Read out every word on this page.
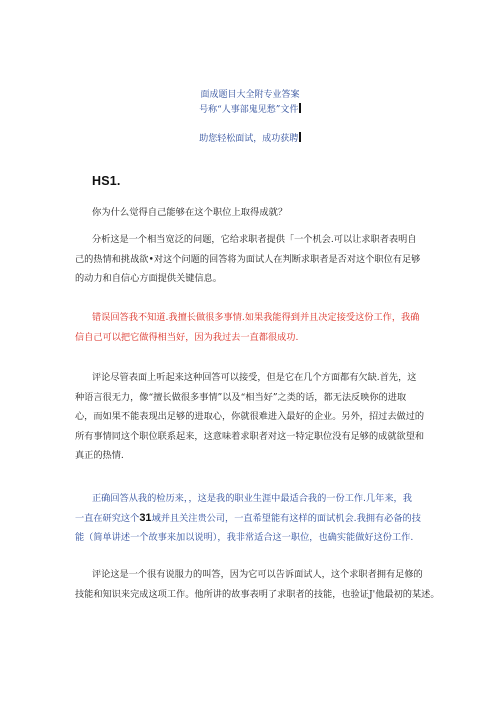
面成题目大全附专业答案
号称“人事部鬼见愁”文件
助您轻松面试，成功获聘
HS1.
你为什么觉得自己能够在这个职位上取得成就？
分析这是一个相当宽泛的问题，它给求职者提供「一个机会.可以让求职者表明自
己的热情和挑战欲•对这个问题的回答将为面试人在判断求职者是否对这个职位有足够
的动力和自信心方面提供关键信息。
错误回答我不知道.我擅长做很多事情.如果我能得到并且决定接受这份工作，我确
信自己可以把它做得相当好，因为我过去一直都很成功.
评论尽管表面上听起来这种回答可以接受，但是它在几个方面都有欠缺.首先，这
种语言很无力，像“擅长做很多事情”以及“相当好”之类的话，都无法反映你的进取
心，而如果不能表现出足够的进取心，你就很难进入最好的企业。另外，招过去做过的
所有事情同这个职位联系起来，这意味着求职者对这一特定职位没有足够的成就欲望和
真正的热情.
正确回答从我的检历来，，这是我的职业生涯中最适合我的一份工作.几年来，我
一直在研究这个31域并且关注贵公司，一直希望能有这样的面试机会.我拥有必备的技
能（简单讲述一个故事来加以说明），我非常适合这一职位，也确实能做好这份工作.
评论这是一个很有说服力的叫答，因为它可以告诉面试人，这个求职者拥有足修的
技能和知识来完成这项工作。他所讲的故事表明了求职者的技能，也验证J'他最初的某述。
